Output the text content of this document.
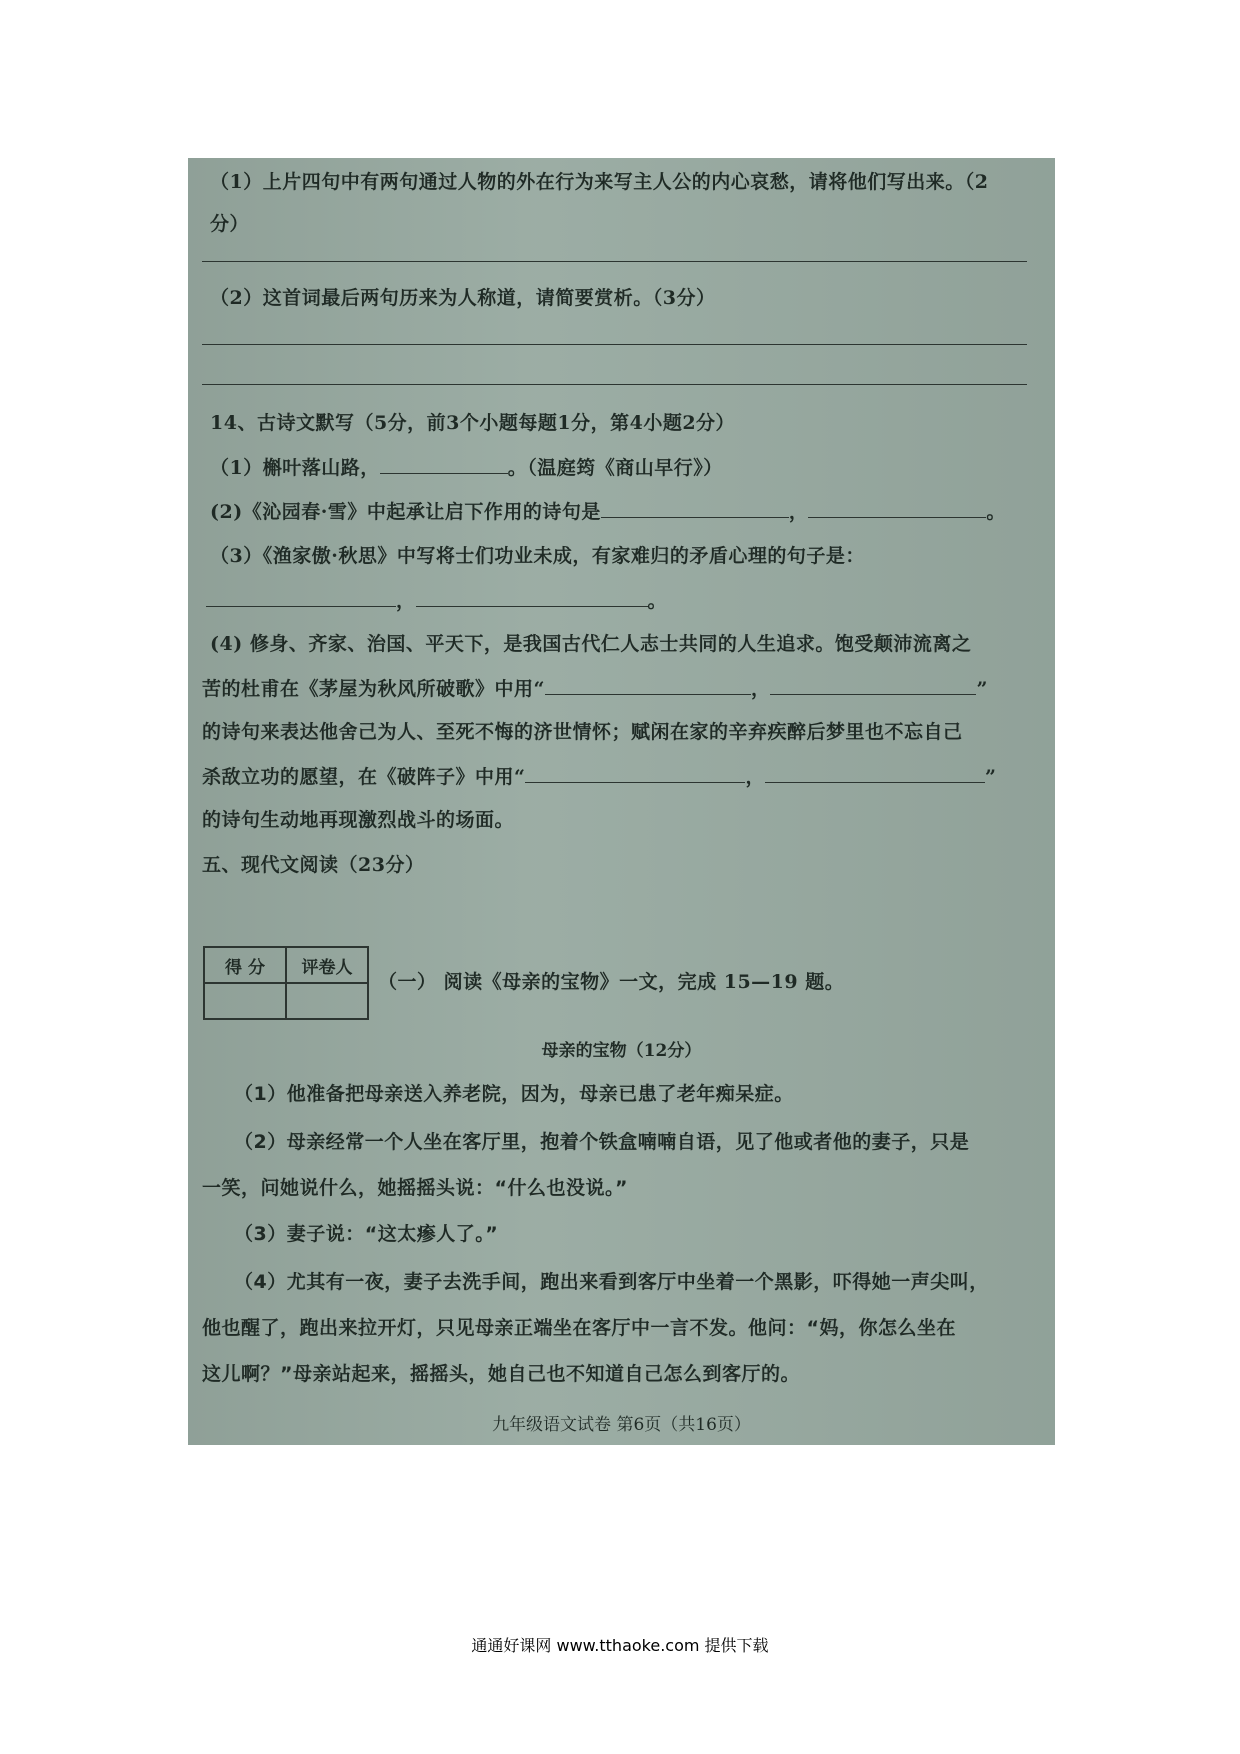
（1）上片四句中有两句通过人物的外在行为来写主人公的内心哀愁，请将他们写出来。（2
分）
（2）这首词最后两句历来为人称道，请简要赏析。（3分）
14、古诗文默写（5分，前3个小题每题1分，第4小题2分）
（1）槲叶落山路，	。（温庭筠《商山早行》）
(2)《沁园春·雪》中起承让启下作用的诗句是	，	。
（3）《渔家傲·秋思》中写将士们功业未成，有家难归的矛盾心理的句子是：
，	。
(4) 修身、齐家、治国、平天下，是我国古代仁人志士共同的人生追求。饱受颠沛流离之
苦的杜甫在《茅屋为秋风所破歌》中用“	，	”
的诗句来表达他舍己为人、至死不悔的济世情怀；赋闲在家的辛弃疾醉后梦里也不忘自己
杀敌立功的愿望，在《破阵子》中用“	，	”
的诗句生动地再现激烈战斗的场面。
五、现代文阅读（23分）
得 分	评卷人

（一） 阅读《母亲的宝物》一文，完成 15—19 题。
母亲的宝物（12分）
（1）他准备把母亲送入养老院，因为，母亲已患了老年痴呆症。
（2）母亲经常一个人坐在客厅里，抱着个铁盒喃喃自语，见了他或者他的妻子，只是
一笑，问她说什么，她摇摇头说：“什么也没说。”
（3）妻子说：“这太瘆人了。”
（4）尤其有一夜，妻子去洗手间，跑出来看到客厅中坐着一个黑影，吓得她一声尖叫，
他也醒了，跑出来拉开灯，只见母亲正端坐在客厅中一言不发。他问：“妈，你怎么坐在
这儿啊？”母亲站起来，摇摇头，她自己也不知道自己怎么到客厅的。
九年级语文试卷 第6页（共16页）
通通好课网 www.tthaoke.com 提供下载
